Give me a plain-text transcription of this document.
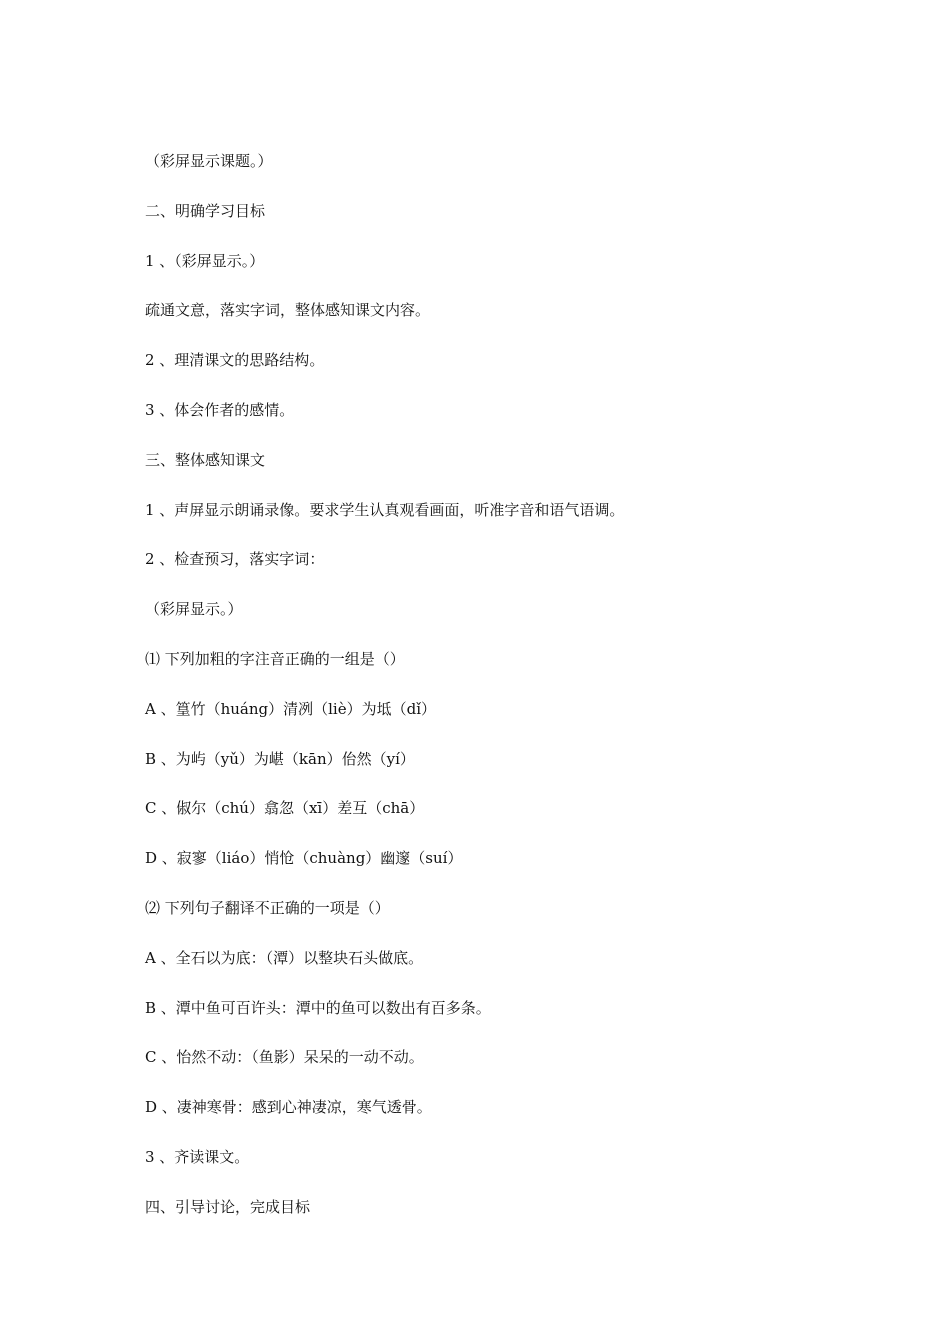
（彩屏显示课题。）
二、明确学习目标
1 、（彩屏显示。）
疏通文意，落实字词，整体感知课文内容。
2 、理清课文的思路结构。
3 、体会作者的感情。
三、整体感知课文
1 、声屏显示朗诵录像。要求学生认真观看画面，听准字音和语气语调。
2 、检查预习，落实字词：
（彩屏显示。）
⑴ 下列加粗的字注音正确的一组是（）
A 、篁竹（huáng）清冽（liè）为坻（dǐ）
B 、为屿（yǔ）为嵁（kān）佁然（yí）
C 、俶尔（chú）翕忽（xī）差互（chā）
D 、寂寥（liáo）悄怆（chuàng）幽邃（suí）
⑵ 下列句子翻译不正确的一项是（）
A 、全石以为底：（潭）以整块石头做底。
B 、潭中鱼可百许头：潭中的鱼可以数出有百多条。
C 、怡然不动：（鱼影）呆呆的一动不动。
D 、凄神寒骨：感到心神凄凉，寒气透骨。
3 、齐读课文。
四、引导讨论，完成目标
